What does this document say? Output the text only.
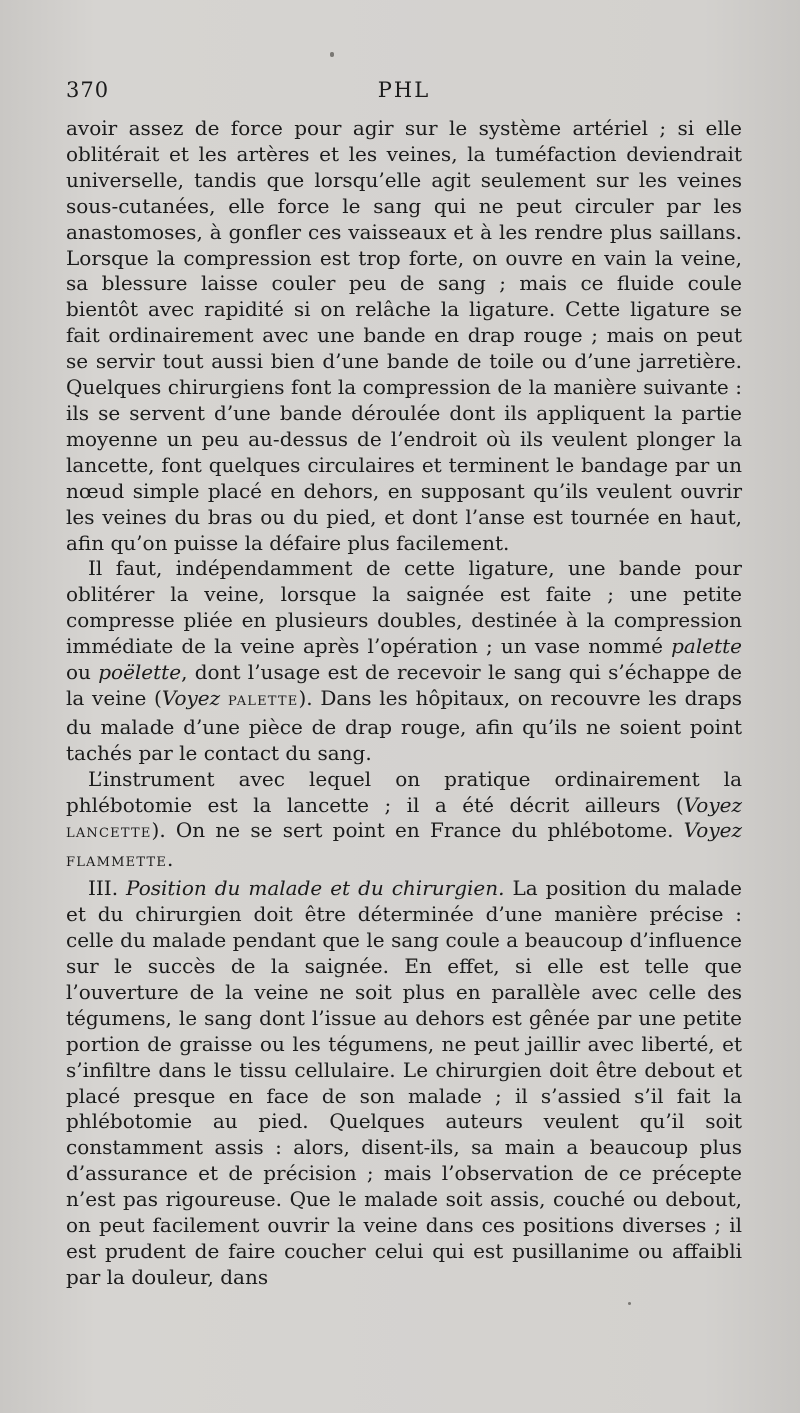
370	PHL

avoir assez de force pour agir sur le système artériel ; si elle oblitérait et les artères et les veines, la tuméfaction deviendrait universelle, tandis que lorsqu’elle agit seulement sur les veines sous-cutanées, elle force le sang qui ne peut circuler par les anastomoses, à gonfler ces vaisseaux et à les rendre plus saillans. Lorsque la compression est trop forte, on ouvre en vain la veine, sa blessure laisse couler peu de sang ; mais ce fluide coule bientôt avec rapidité si on relâche la ligature. Cette ligature se fait ordinairement avec une bande en drap rouge ; mais on peut se servir tout aussi bien d’une bande de toile ou d’une jarretière. Quelques chirurgiens font la compression de la manière suivante : ils se servent d’une bande déroulée dont ils appliquent la partie moyenne un peu au-dessus de l’endroit où ils veulent plonger la lancette, font quelques circulaires et terminent le bandage par un nœud simple placé en dehors, en supposant qu’ils veulent ouvrir les veines du bras ou du pied, et dont l’anse est tournée en haut, afin qu’on puisse la défaire plus facilement.

Il faut, indépendamment de cette ligature, une bande pour oblitérer la veine, lorsque la saignée est faite ; une petite compresse pliée en plusieurs doubles, destinée à la compression immédiate de la veine après l’opération ; un vase nommé palette ou poëlette, dont l’usage est de recevoir le sang qui s’échappe de la veine (Voyez PALETTE). Dans les hôpitaux, on recouvre les draps du malade d’une pièce de drap rouge, afin qu’ils ne soient point tachés par le contact du sang.

L’instrument avec lequel on pratique ordinairement la phlébotomie est la lancette ; il a été décrit ailleurs (Voyez LANCETTE). On ne se sert point en France du phlébotome. Voyez FLAMMETTE.

III. Position du malade et du chirurgien. La position du malade et du chirurgien doit être déterminée d’une manière précise : celle du malade pendant que le sang coule a beaucoup d’influence sur le succès de la saignée. En effet, si elle est telle que l’ouverture de la veine ne soit plus en parallèle avec celle des tégumens, le sang dont l’issue au dehors est gênée par une petite portion de graisse ou les tégumens, ne peut jaillir avec liberté, et s’infiltre dans le tissu cellulaire. Le chirurgien doit être debout et placé presque en face de son malade ; il s’assied s’il fait la phlébotomie au pied. Quelques auteurs veulent qu’il soit constamment assis : alors, disent-ils, sa main a beaucoup plus d’assurance et de précision ; mais l’observation de ce précepte n’est pas rigoureuse. Que le malade soit assis, couché ou debout, on peut facilement ouvrir la veine dans ces positions diverses ; il est prudent de faire coucher celui qui est pusillanime ou affaibli par la douleur, dans
